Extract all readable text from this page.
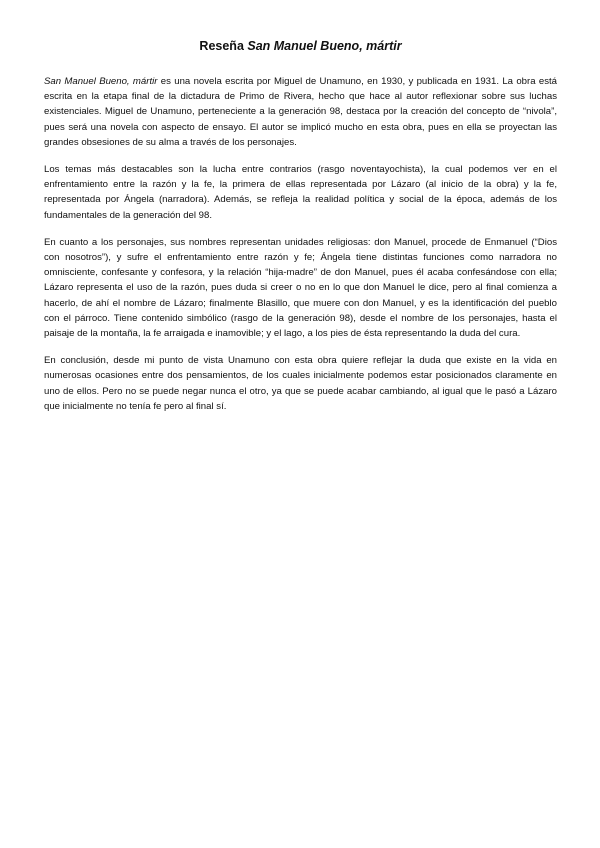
Reseña San Manuel Bueno, mártir

San Manuel Bueno, mártir es una novela escrita por Miguel de Unamuno, en 1930, y publicada en 1931. La obra está escrita en la etapa final de la dictadura de Primo de Rivera, hecho que hace al autor reflexionar sobre sus luchas existenciales. Miguel de Unamuno, perteneciente a la generación 98, destaca por la creación del concepto de “nivola”, pues será una novela con aspecto de ensayo. El autor se implicó mucho en esta obra, pues en ella se proyectan las grandes obsesiones de su alma a través de los personajes.

Los temas más destacables son la lucha entre contrarios (rasgo noventayochista), la cual podemos ver en el enfrentamiento entre la razón y la fe, la primera de ellas representada por Lázaro (al inicio de la obra) y la fe, representada por Ángela (narradora). Además, se refleja la realidad política y social de la época, además de los fundamentales de la generación del 98.

En cuanto a los personajes, sus nombres representan unidades religiosas: don Manuel, procede de Enmanuel (“Dios con nosotros”), y sufre el enfrentamiento entre razón y fe; Ángela tiene distintas funciones como narradora no omnisciente, confesante y confesora, y la relación “hija-madre” de don Manuel, pues él acaba confesándose con ella; Lázaro representa el uso de la razón, pues duda si creer o no en lo que don Manuel le dice, pero al final comienza a hacerlo, de ahí el nombre de Lázaro; finalmente Blasillo, que muere con don Manuel, y es la identificación del pueblo con el párroco. Tiene contenido simbólico (rasgo de la generación 98), desde el nombre de los personajes, hasta el paisaje de la montaña, la fe arraigada e inamovible; y el lago, a los pies de ésta representando la duda del cura.

En conclusión, desde mi punto de vista Unamuno con esta obra quiere reflejar la duda que existe en la vida en numerosas ocasiones entre dos pensamientos, de los cuales inicialmente podemos estar posicionados claramente en uno de ellos. Pero no se puede negar nunca el otro, ya que se puede acabar cambiando, al igual que le pasó a Lázaro que inicialmente no tenía fe pero al final sí.
